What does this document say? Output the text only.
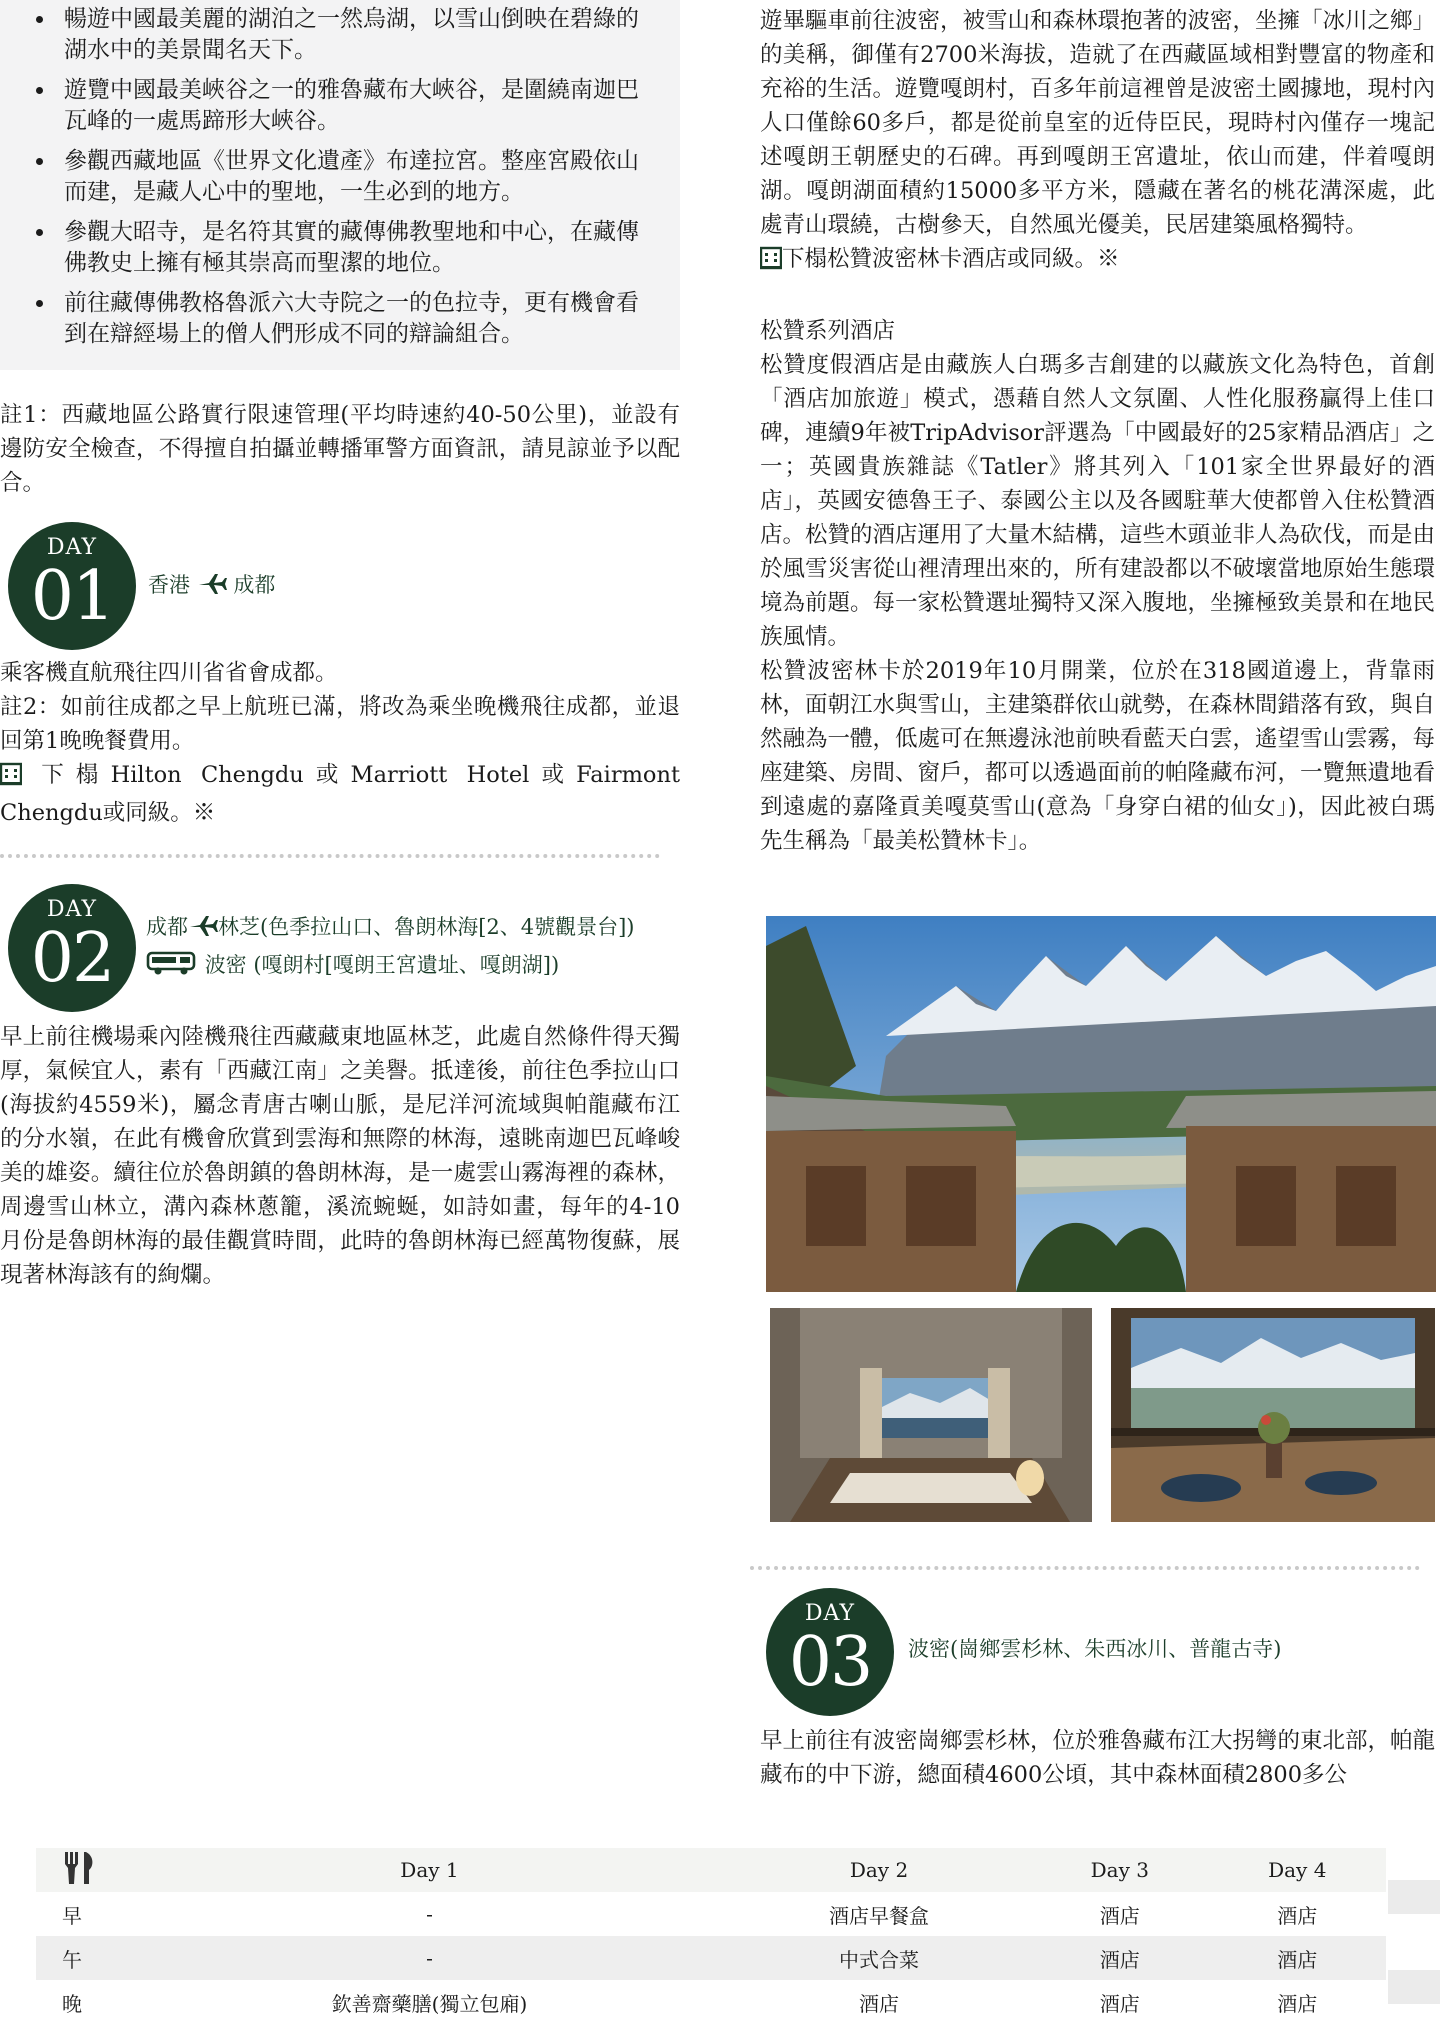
• 暢遊中國最美麗的湖泊之一然烏湖，以雪山倒映在碧綠的湖水中的美景聞名天下。
• 遊覽中國最美峽谷之一的雅魯藏布大峽谷，是圍繞南迦巴瓦峰的一處馬蹄形大峽谷。
• 參觀西藏地區《世界文化遺產》布達拉宮。整座宮殿依山而建，是藏人心中的聖地，一生必到的地方。
• 參觀大昭寺，是名符其實的藏傳佛教聖地和中心，在藏傳佛教史上擁有極其崇高而聖潔的地位。
• 前往藏傳佛教格魯派六大寺院之一的色拉寺，更有機會看到在辯經場上的僧人們形成不同的辯論組合。

註1：西藏地區公路實行限速管理(平均時速約40-50公里)，並設有邊防安全檢查，不得擅自拍攝並轉播軍警方面資訊，請見諒並予以配合。

DAY
01	香港 成都

乘客機直航飛往四川省省會成都。

註2：如前往成都之早上航班已滿，將改為乘坐晚機飛往成都，並退回第1晚晚餐費用。

下榻Hilton Chengdu或Marriott Hotel或Fairmont Chengdu或同級。※

DAY
02	成都 林芝(色季拉山口、魯朗林海[2、4號觀景台])
波密 (嘎朗村[嘎朗王宮遺址、嘎朗湖])

早上前往機場乘內陸機飛往西藏藏東地區林芝，此處自然條件得天獨厚，氣候宜人，素有「西藏江南」之美譽。抵達後，前往色季拉山口(海拔約4559米)，屬念青唐古喇山脈，是尼洋河流域與帕龍藏布江的分水嶺，在此有機會欣賞到雲海和無際的林海，遠眺南迦巴瓦峰峻美的雄姿。續往位於魯朗鎮的魯朗林海，是一處雲山霧海裡的森林，周邊雪山林立，溝內森林蔥籠，溪流蜿蜒，如詩如畫，每年的4-10月份是魯朗林海的最佳觀賞時間，此時的魯朗林海已經萬物復蘇，展現著林海該有的絢爛。

遊畢驅車前往波密，被雪山和森林環抱著的波密，坐擁「冰川之鄉」的美稱，御僅有2700米海拔，造就了在西藏區域相對豐富的物產和充裕的生活。遊覽嘎朗村，百多年前這裡曾是波密土國據地，現村內人口僅餘60多戶，都是從前皇室的近侍臣民，現時村內僅存一塊記述嘎朗王朝歷史的石碑。再到嘎朗王宮遺址，依山而建，伴着嘎朗湖。嘎朗湖面積約15000多平方米，隱藏在著名的桃花溝深處，此處青山環繞，古樹參天，自然風光優美，民居建築風格獨特。

下榻松贊波密林卡酒店或同級。※

松贊系列酒店

松贊度假酒店是由藏族人白瑪多吉創建的以藏族文化為特色，首創「酒店加旅遊」模式，憑藉自然人文氛圍、人性化服務贏得上佳口碑，連續9年被TripAdvisor評選為「中國最好的25家精品酒店」之一；英國貴族雜誌《Tatler》將其列入「101家全世界最好的酒店」，英國安德魯王子、泰國公主以及各國駐華大使都曾入住松贊酒店。松贊的酒店運用了大量木結構，這些木頭並非人為砍伐，而是由於風雪災害從山裡清理出來的，所有建設都以不破壞當地原始生態環境為前題。每一家松贊選址獨特又深入腹地，坐擁極致美景和在地民族風情。

松贊波密林卡於2019年10月開業，位於在318國道邊上，背靠雨林，面朝江水與雪山，主建築群依山就勢，在森林間錯落有致，與自然融為一體，低處可在無邊泳池前映看藍天白雲，遙望雪山雲霧，每座建築、房間、窗戶，都可以透過面前的帕隆藏布河，一覽無遺地看到遠處的嘉隆貢美嘎莫雪山(意為「身穿白裙的仙女」)，因此被白瑪先生稱為「最美松贊林卡」。

DAY
03	波密(崗鄉雲杉林、朱西冰川、普龍古寺)

早上前往有波密崗鄉雲杉林，位於雅魯藏布江大拐彎的東北部，帕龍藏布的中下游，總面積4600公頃，其中森林面積2800多公

	Day 1	Day 2	Day 3	Day 4
早	-	酒店早餐盒	酒店	酒店
午	-	中式合菜	酒店	酒店
晚	欽善齋藥膳(獨立包廂)	酒店	酒店	酒店
